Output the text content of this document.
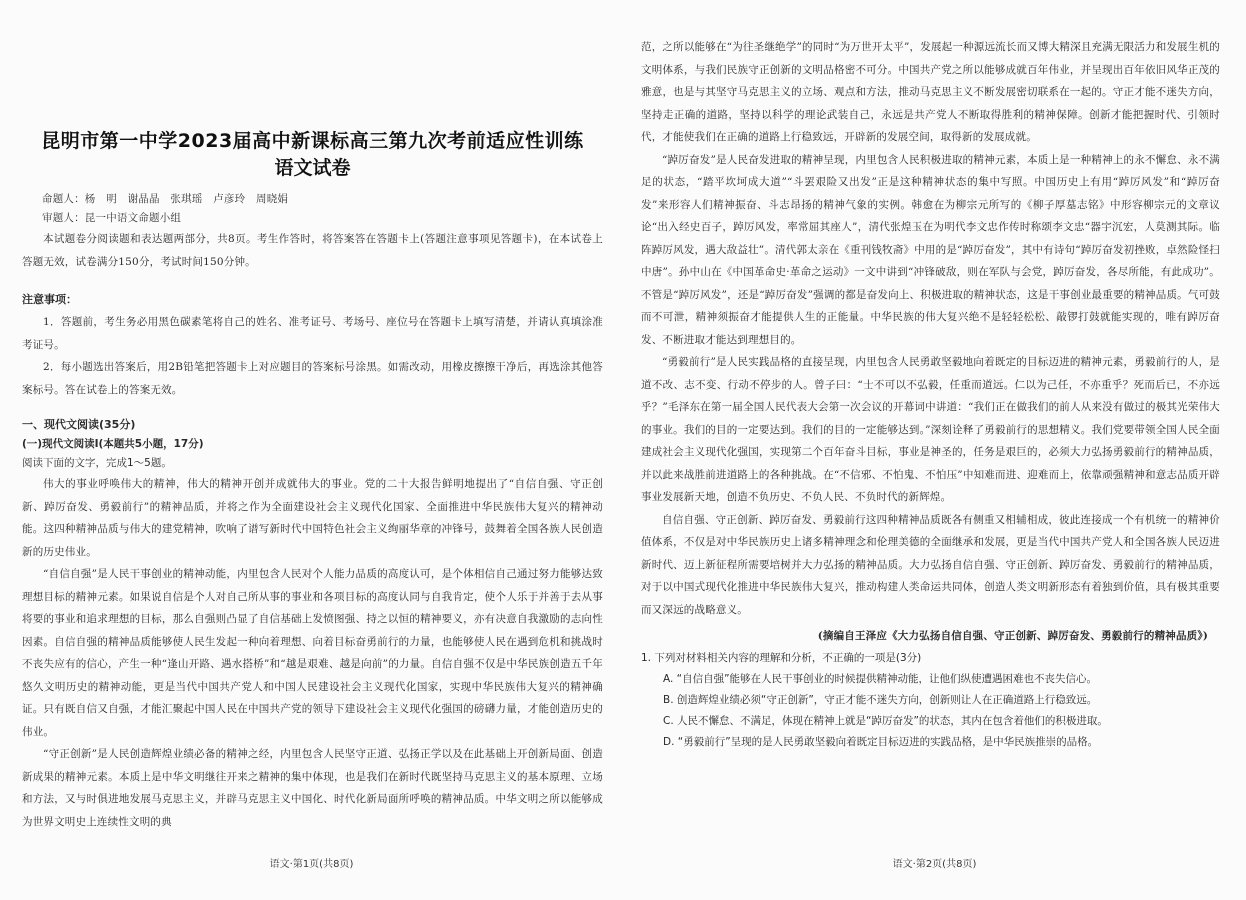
昆明市第一中学2023届高中新课标高三第九次考前适应性训练
语文试卷

命题人：杨　明　谢晶晶　张琪瑶　卢彦玲　周晓娟

审题人：昆一中语文命题小组

本试题卷分阅读题和表达题两部分，共8页。考生作答时，将答案答在答题卡上(答题注意事项见答题卡)，在本试卷上答题无效，试卷满分150分，考试时间150分钟。

注意事项：

1．答题前，考生务必用黑色碳素笔将自己的姓名、准考证号、考场号、座位号在答题卡上填写清楚，并请认真填涂准考证号。

2．每小题选出答案后，用2B铅笔把答题卡上对应题目的答案标号涂黑。如需改动，用橡皮擦擦干净后，再选涂其他答案标号。答在试卷上的答案无效。

一、现代文阅读(35分)
(一)现代文阅读Ⅰ(本题共5小题，17分)
阅读下面的文字，完成1～5题。

伟大的事业呼唤伟大的精神，伟大的精神开创并成就伟大的事业。党的二十大报告鲜明地提出了“自信自强、守正创新、踔厉奋发、勇毅前行”的精神品质，并将之作为全面建设社会主义现代化国家、全面推进中华民族伟大复兴的精神动能。这四种精神品质与伟大的建党精神，吹响了谱写新时代中国特色社会主义绚丽华章的冲锋号，鼓舞着全国各族人民创造新的历史伟业。

“自信自强”是人民干事创业的精神动能，内里包含人民对个人能力品质的高度认可，是个体相信自己通过努力能够达致理想目标的精神元素。如果说自信是个人对自己所从事的事业和各项目标的高度认同与自我肯定，使个人乐于并善于去从事将要的事业和追求理想的目标，那么自强则凸显了自信基础上发愤图强、持之以恒的精神要义，亦有决意自我激励的志向性因素。自信自强的精神品质能够使人民生发起一种向着理想、向着目标奋勇前行的力量，也能够使人民在遇到危机和挑战时不丧失应有的信心，产生一种“逢山开路、遇水搭桥”和“越是艰难、越是向前”的力量。自信自强不仅是中华民族创造五千年悠久文明历史的精神动能，更是当代中国共产党人和中国人民建设社会主义现代化国家，实现中华民族伟大复兴的精神确证。只有既自信又自强，才能汇聚起中国人民在中国共产党的领导下建设社会主义现代化强国的磅礴力量，才能创造历史的伟业。

“守正创新”是人民创造辉煌业绩必备的精神之经，内里包含人民坚守正道、弘扬正学以及在此基础上开创新局面、创造新成果的精神元素。本质上是中华文明继往开来之精神的集中体现，也是我们在新时代既坚持马克思主义的基本原理、立场和方法，又与时俱进地发展马克思主义，并辟马克思主义中国化、时代化新局面所呼唤的精神品质。中华文明之所以能够成为世界文明史上连续性文明的典

语文·第1页(共8页)

范，之所以能够在“为往圣继绝学”的同时“为万世开太平”，发展起一种源远流长而又博大精深且充满无限活力和发展生机的文明体系，与我们民族守正创新的文明品格密不可分。中国共产党之所以能够成就百年伟业，并呈现出百年依旧风华正茂的雅意，也是与其坚守马克思主义的立场、观点和方法，推动马克思主义不断发展密切联系在一起的。守正才能不迷失方向，坚持走正确的道路，坚持以科学的理论武装自己，永远是共产党人不断取得胜利的精神保障。创新才能把握时代、引领时代，才能使我们在正确的道路上行稳致远，开辟新的发展空间，取得新的发展成就。

“踔厉奋发”是人民奋发进取的精神呈现，内里包含人民积极进取的精神元素，本质上是一种精神上的永不懈怠、永不满足的状态，“踏平坎坷成大道”“斗罢艰险又出发”正是这种精神状态的集中写照。中国历史上有用“踔厉风发”和“踔厉奋发”来形容人们精神振奋、斗志昂扬的精神气象的实例。韩愈在为柳宗元所写的《柳子厚墓志铭》中形容柳宗元的文章议论“出入经史百子，踔厉风发，率常屈其座人”，清代张煌玉在为明代李文忠作传时称颂李文忠“器宇沉宏，人莫测其际。临阵踔厉风发，遇大敌益壮”。清代郭太亲在《重刊钱牧斋》中用的是“踔厉奋发”，其中有诗句“踔厉奋发初挫败，卓然险怪扫中唐”。孙中山在《中国革命史·革命之运动》一文中讲到“冲锋破敌，则在军队与会党，踔厉奋发，各尽所能，有此成功”。不管是“踔厉风发”，还是“踔厉奋发”强调的都是奋发向上、积极进取的精神状态，这是干事创业最重要的精神品质。气可鼓而不可泄，精神须振奋才能提供人生的正能量。中华民族的伟大复兴绝不是轻轻松松、敲锣打鼓就能实现的，唯有踔厉奋发、不断进取才能达到理想目的。

“勇毅前行”是人民实践品格的直接呈现，内里包含人民勇敢坚毅地向着既定的目标迈进的精神元素，勇毅前行的人，是道不改、志不变、行动不停步的人。曾子曰：“士不可以不弘毅，任重而道远。仁以为己任，不亦重乎？死而后已，不亦远乎？”毛泽东在第一届全国人民代表大会第一次会议的开幕词中讲道：“我们正在做我们的前人从来没有做过的极其光荣伟大的事业。我们的目的一定要达到。我们的目的一定能够达到。”深刻诠释了勇毅前行的思想精义。我们党要带领全国人民全面建成社会主义现代化强国，实现第二个百年奋斗目标，事业是神圣的，任务是艰巨的，必须大力弘扬勇毅前行的精神品质，并以此来战胜前进道路上的各种挑战。在“不信邪、不怕鬼、不怕压”中知难而进、迎难而上，依靠顽强精神和意志品质开辟事业发展新天地，创造不负历史、不负人民、不负时代的新辉煌。

自信自强、守正创新、踔厉奋发、勇毅前行这四种精神品质既各有侧重又相辅相成，彼此连接成一个有机统一的精神价值体系，不仅是对中华民族历史上诸多精神理念和伦理美德的全面继承和发展，更是当代中国共产党人和全国各族人民迈进新时代、迈上新征程所需要培树并大力弘扬的精神品质。大力弘扬自信自强、守正创新、踔厉奋发、勇毅前行的精神品质，对于以中国式现代化推进中华民族伟大复兴，推动构建人类命运共同体，创造人类文明新形态有着独到价值，具有极其重要而又深远的战略意义。

(摘编自王泽应《大力弘扬自信自强、守正创新、踔厉奋发、勇毅前行的精神品质》)

1. 下列对材料相关内容的理解和分析，不正确的一项是(3分)
A. “自信自强”能够在人民干事创业的时候提供精神动能，让他们纵使遭遇困难也不丧失信心。
B. 创造辉煌业绩必须“守正创新”，守正才能不迷失方向，创新则让人在正确道路上行稳致远。
C. 人民不懈怠、不满足，体现在精神上就是“踔厉奋发”的状态，其内在包含着他们的积极进取。
D. “勇毅前行”呈现的是人民勇敢坚毅向着既定目标迈进的实践品格，是中华民族推崇的品格。
语文·第2页(共8页)
